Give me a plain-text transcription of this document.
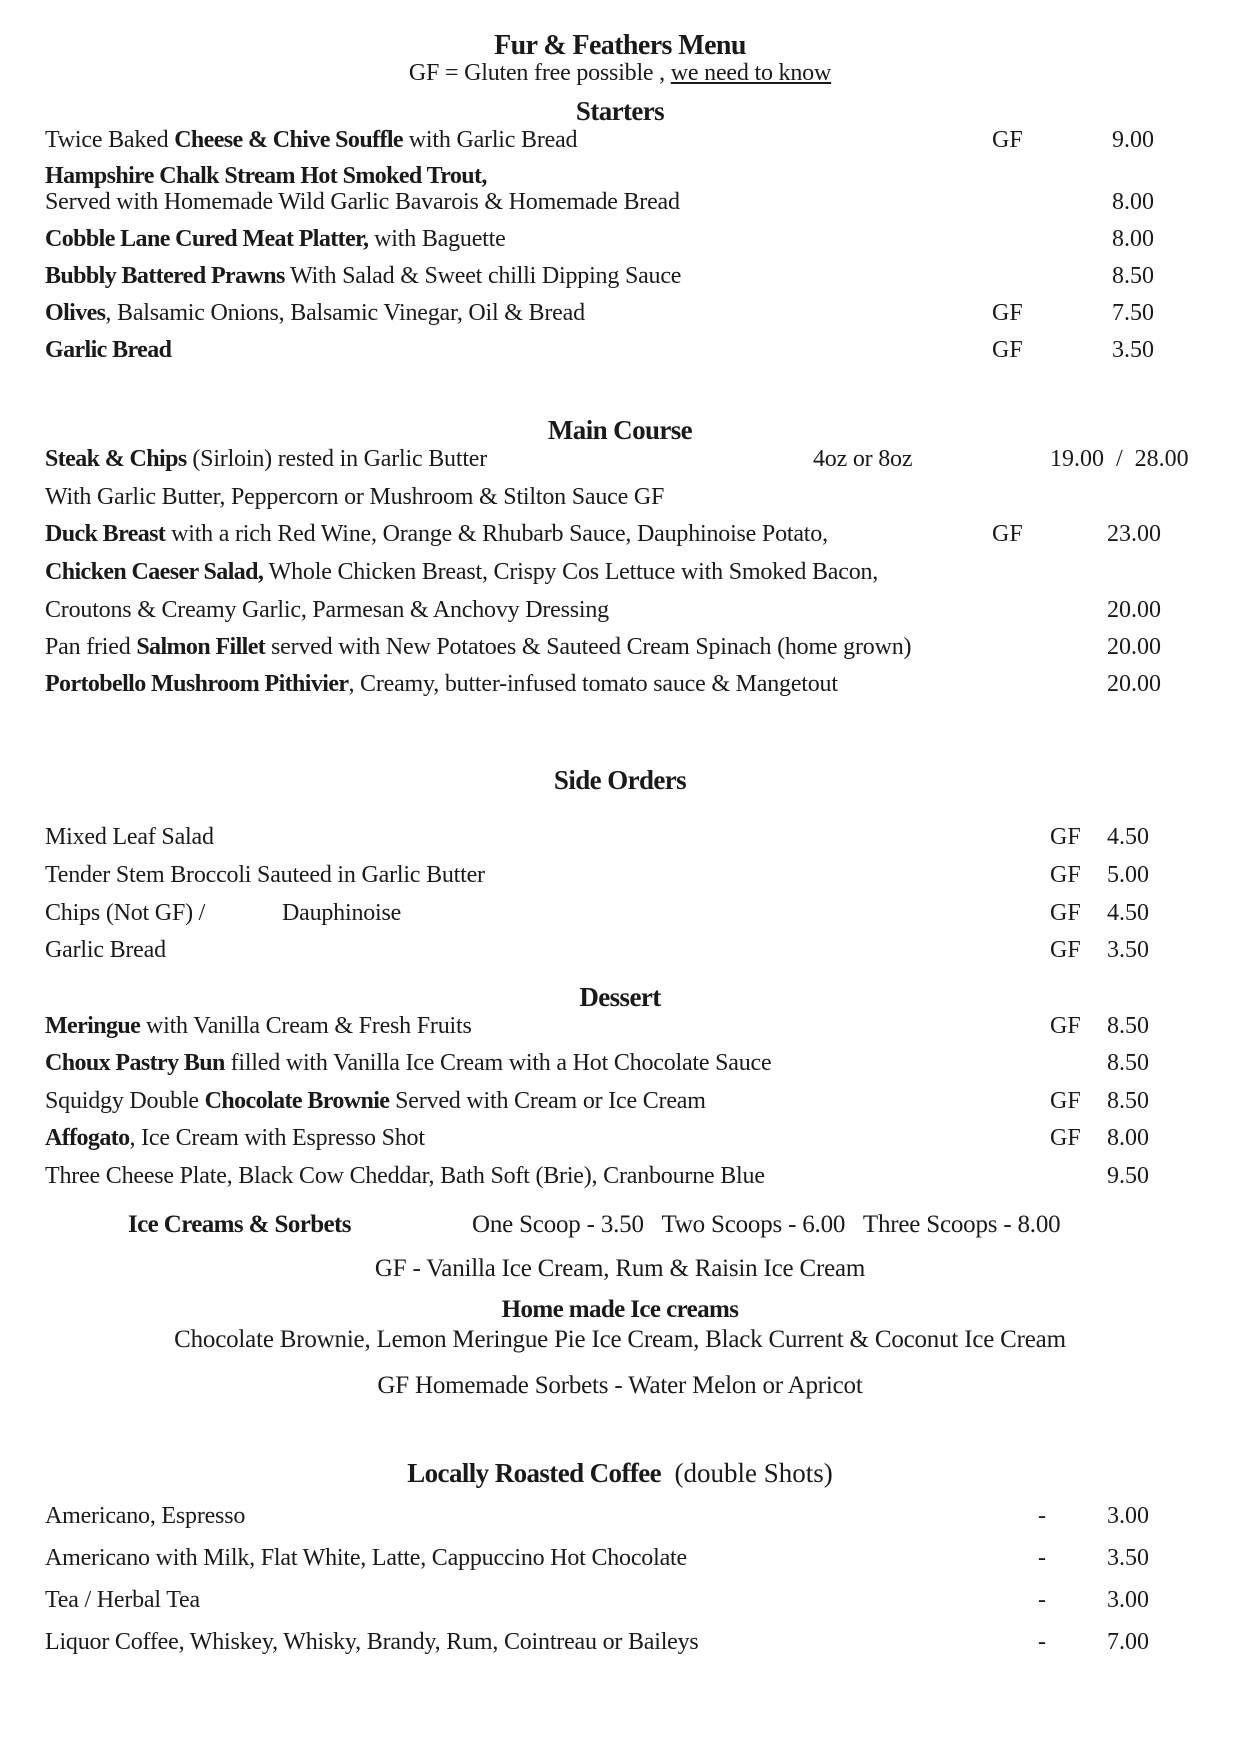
Fur & Feathers Menu
GF = Gluten free possible , we need to know
Starters
Twice Baked Cheese & Chive Souffle with Garlic Bread	GF	9.00
Hampshire Chalk Stream Hot Smoked Trout,
Served with Homemade Wild Garlic Bavarois & Homemade Bread	8.00
Cobble Lane Cured Meat Platter, with Baguette	8.00
Bubbly Battered Prawns With Salad & Sweet chilli Dipping Sauce	8.50
Olives, Balsamic Onions, Balsamic Vinegar, Oil & Bread	GF	7.50
Garlic Bread	GF	3.50
Main Course
Steak & Chips (Sirloin) rested in Garlic Butter	4oz or 8oz	19.00  /  28.00
With Garlic Butter, Peppercorn or Mushroom & Stilton Sauce GF
Duck Breast with a rich Red Wine, Orange & Rhubarb Sauce, Dauphinoise Potato,	GF	23.00
Chicken Caeser Salad, Whole Chicken Breast, Crispy Cos Lettuce with Smoked Bacon,
Croutons & Creamy Garlic, Parmesan & Anchovy Dressing	20.00
Pan fried Salmon Fillet served with New Potatoes & Sauteed Cream Spinach (home grown)	20.00
Portobello Mushroom Pithivier, Creamy, butter-infused tomato sauce & Mangetout	20.00
Side Orders
Mixed Leaf Salad	GF 4.50
Tender Stem Broccoli Sauteed in Garlic Butter	GF 5.00
Chips (Not GF) /	Dauphinoise	GF 4.50
Garlic Bread	GF 3.50
Dessert
Meringue with Vanilla Cream & Fresh Fruits	GF 8.50
Choux Pastry Bun filled with Vanilla Ice Cream with a Hot Chocolate Sauce	8.50
Squidgy Double Chocolate Brownie Served with Cream or Ice Cream	GF 8.50
Affogato, Ice Cream with Espresso Shot	GF 8.00
Three Cheese Plate, Black Cow Cheddar, Bath Soft (Brie), Cranbourne Blue	9.50
Ice Creams & Sorbets	One Scoop - 3.50   Two Scoops - 6.00   Three Scoops - 8.00
GF - Vanilla Ice Cream, Rum & Raisin Ice Cream
Home made Ice creams
Chocolate Brownie, Lemon Meringue Pie Ice Cream, Black Current & Coconut Ice Cream
GF Homemade Sorbets - Water Melon or Apricot
Locally Roasted Coffee (double Shots)
Americano, Espresso	-	3.00
Americano with Milk, Flat White, Latte, Cappuccino Hot Chocolate	-	3.50
Tea / Herbal Tea	-	3.00
Liquor Coffee, Whiskey, Whisky, Brandy, Rum, Cointreau or Baileys	-	7.00
